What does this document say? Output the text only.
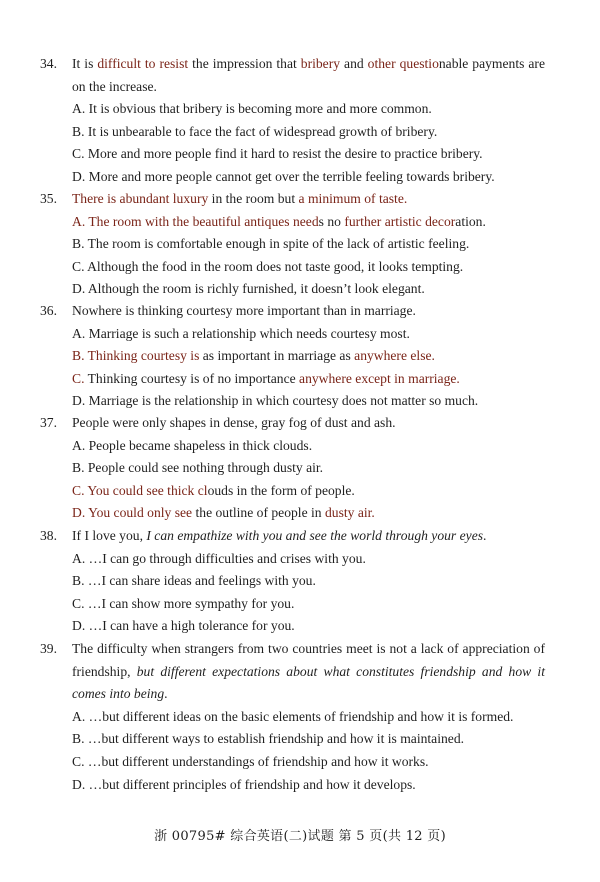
34.	It is difficult to resist the impression that bribery and other questionable payments are on the increase.
A. It is obvious that bribery is becoming more and more common.
B. It is unbearable to face the fact of widespread growth of bribery.
C. More and more people find it hard to resist the desire to practice bribery.
D. More and more people cannot get over the terrible feeling towards bribery.
35.	There is abundant luxury in the room but a minimum of taste.
A. The room with the beautiful antiques needs no further artistic decoration.
B. The room is comfortable enough in spite of the lack of artistic feeling.
C. Although the food in the room does not taste good, it looks tempting.
D. Although the room is richly furnished, it doesn’t look elegant.
36.	Nowhere is thinking courtesy more important than in marriage.
A. Marriage is such a relationship which needs courtesy most.
B. Thinking courtesy is as important in marriage as anywhere else.
C. Thinking courtesy is of no importance anywhere except in marriage.
D. Marriage is the relationship in which courtesy does not matter so much.
37.	People were only shapes in dense, gray fog of dust and ash.
A. People became shapeless in thick clouds.
B. People could see nothing through dusty air.
C. You could see thick clouds in the form of people.
D. You could only see the outline of people in dusty air.
38.	If I love you, I can empathize with you and see the world through your eyes.
A. …I can go through difficulties and crises with you.
B. …I can share ideas and feelings with you.
C. …I can show more sympathy for you.
D. …I can have a high tolerance for you.
39.	The difficulty when strangers from two countries meet is not a lack of appreciation of friendship, but different expectations about what constitutes friendship and how it comes into being.
A. …but different ideas on the basic elements of friendship and how it is formed.
B. …but different ways to establish friendship and how it is maintained.
C. …but different understandings of friendship and how it works.
D. …but different principles of friendship and how it develops.
浙 00795# 综合英语(二)试题 第 5 页(共 12 页)
